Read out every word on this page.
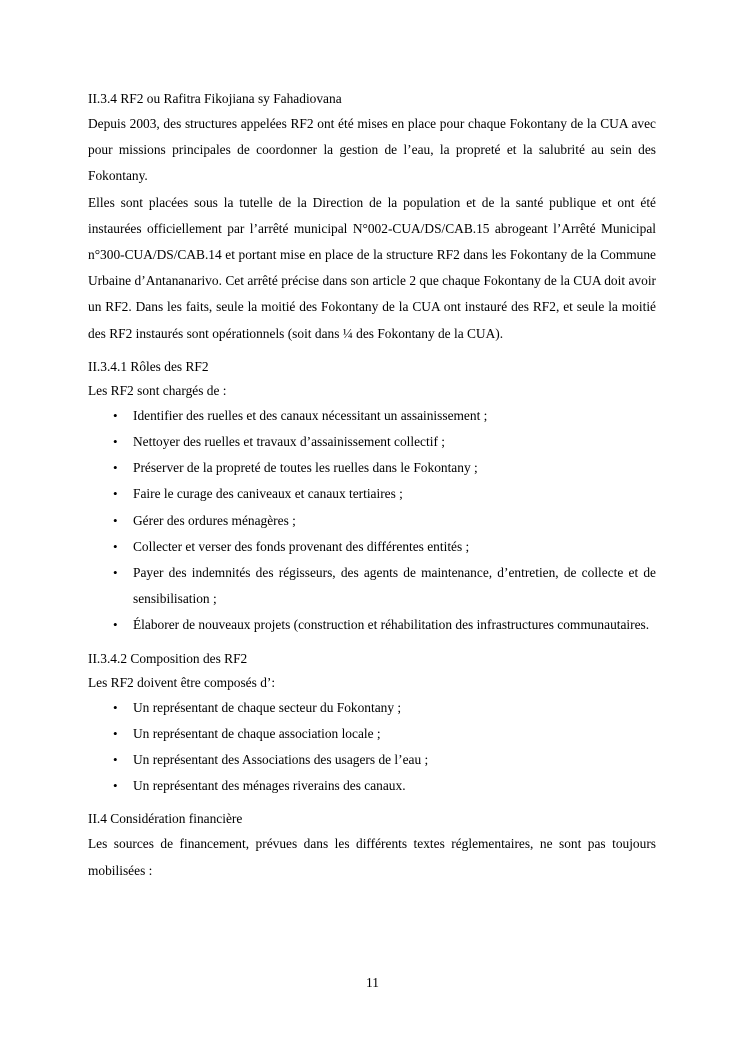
II.3.4 RF2 ou Rafitra Fikojiana sy Fahadiovana

Depuis 2003, des structures appelées RF2 ont été mises en place pour chaque Fokontany de la CUA avec pour missions principales de coordonner la gestion de l’eau, la propreté et la salubrité au sein des Fokontany.

Elles sont placées sous la tutelle de la Direction de la population et de la santé publique et ont été instaurées officiellement par l’arrêté municipal N°002-CUA/DS/CAB.15 abrogeant l’Arrêté Municipal n°300-CUA/DS/CAB.14 et portant mise en place de la structure RF2 dans les Fokontany de la Commune Urbaine d’Antananarivo. Cet arrêté précise dans son article 2 que chaque Fokontany de la CUA doit avoir un RF2. Dans les faits, seule la moitié des Fokontany de la CUA ont instauré des RF2, et seule la moitié des RF2 instaurés sont opérationnels (soit dans ¼ des Fokontany de la CUA).

II.3.4.1 Rôles des RF2

Les RF2 sont chargés de :

• Identifier des ruelles et des canaux nécessitant un assainissement ;
• Nettoyer des ruelles et travaux d’assainissement collectif ;
• Préserver de la propreté de toutes les ruelles dans le Fokontany ;
• Faire le curage des caniveaux et canaux tertiaires ;
• Gérer des ordures ménagères ;
• Collecter et verser des fonds provenant des différentes entités ;
• Payer des indemnités des régisseurs, des agents de maintenance, d’entretien, de collecte et de sensibilisation ;
• Élaborer de nouveaux projets (construction et réhabilitation des infrastructures communautaires.

II.3.4.2 Composition des RF2

Les RF2 doivent être composés d’:

• Un représentant de chaque secteur du Fokontany ;
• Un représentant de chaque association locale ;
• Un représentant des Associations des usagers de l’eau ;
• Un représentant des ménages riverains des canaux.

II.4 Considération financière

Les sources de financement, prévues dans les différents textes réglementaires, ne sont pas toujours mobilisées :

11
